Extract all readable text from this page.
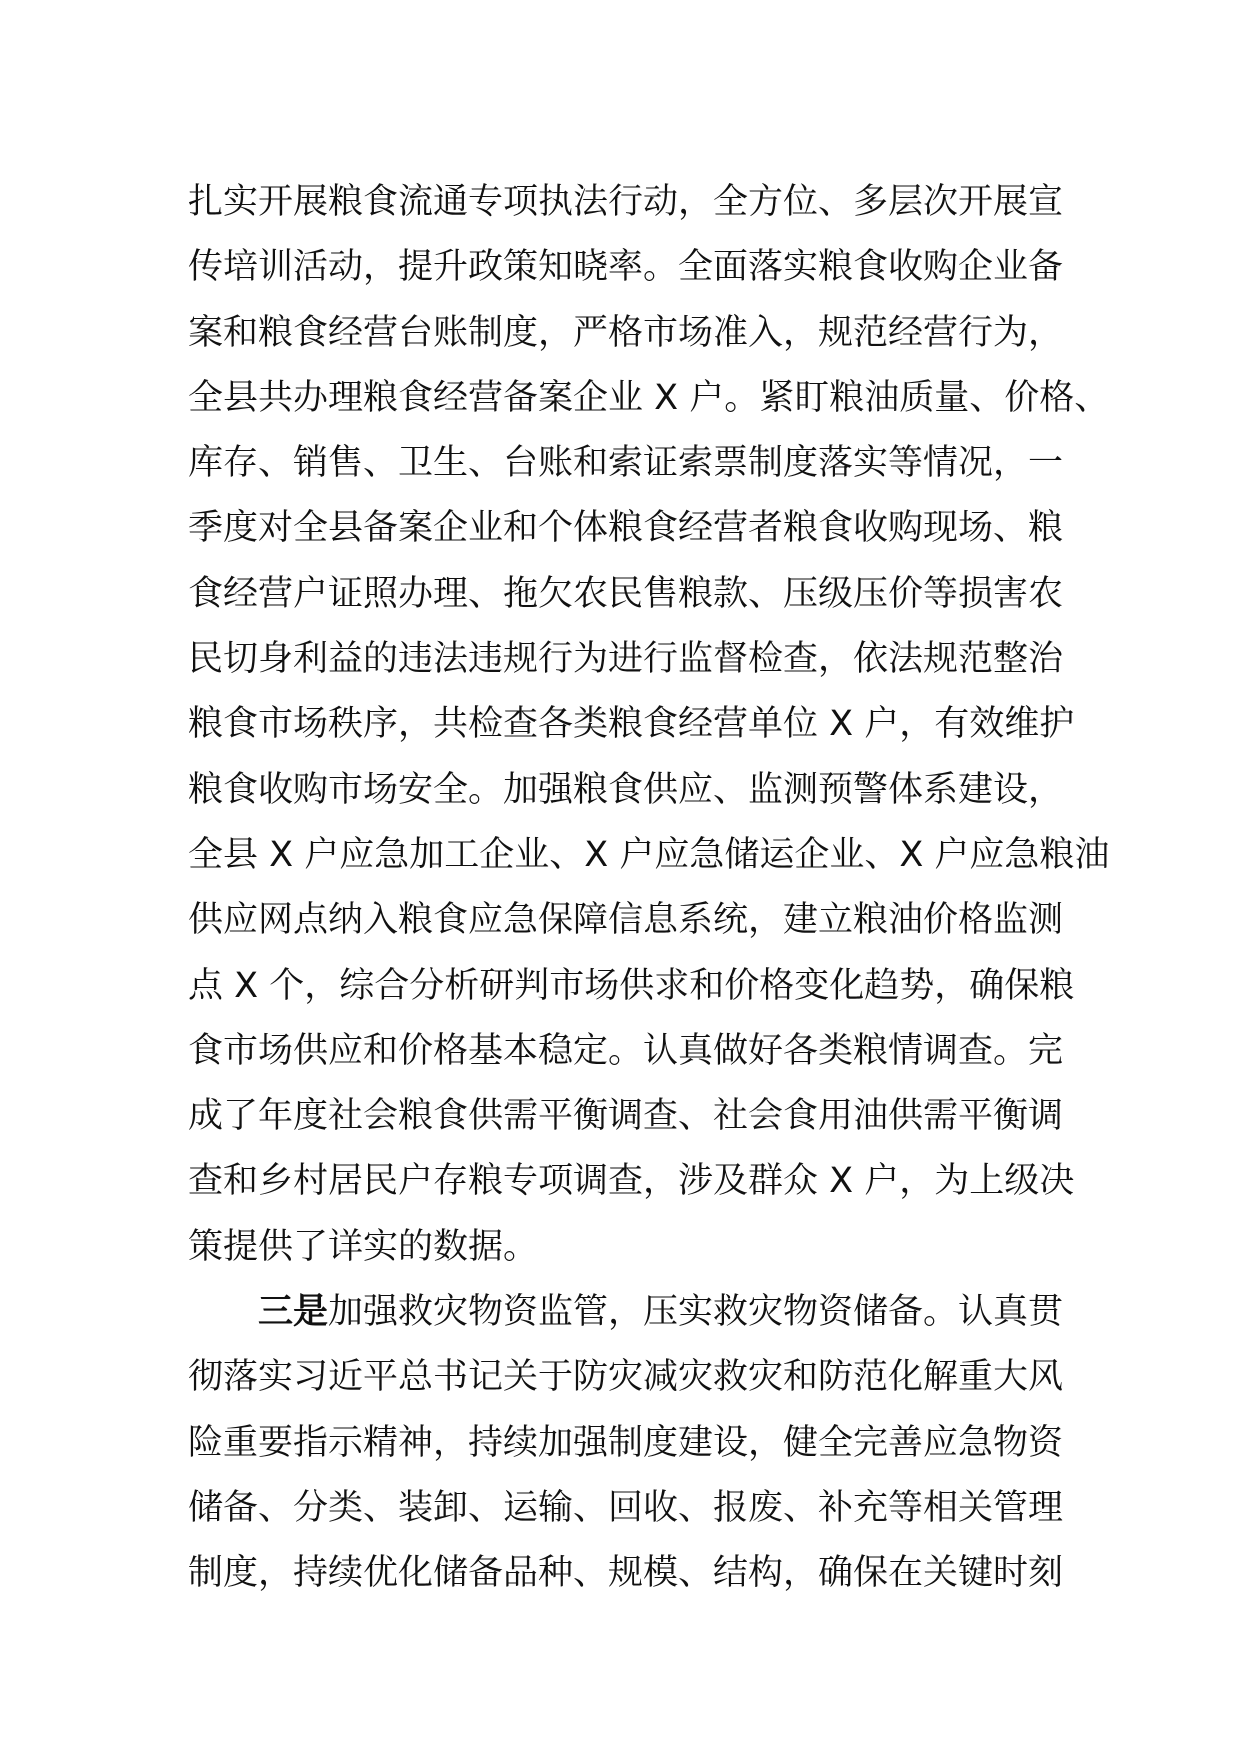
扎实开展粮食流通专项执法行动，全方位、多层次开展宣
传培训活动，提升政策知晓率。全面落实粮食收购企业备
案和粮食经营台账制度，严格市场准入，规范经营行为，
全县共办理粮食经营备案企业 X 户。紧盯粮油质量、价格、
库存、销售、卫生、台账和索证索票制度落实等情况，一
季度对全县备案企业和个体粮食经营者粮食收购现场、粮
食经营户证照办理、拖欠农民售粮款、压级压价等损害农
民切身利益的违法违规行为进行监督检查，依法规范整治
粮食市场秩序，共检查各类粮食经营单位 X 户，有效维护
粮食收购市场安全。加强粮食供应、监测预警体系建设，
全县 X 户应急加工企业、X 户应急储运企业、X 户应急粮油
供应网点纳入粮食应急保障信息系统，建立粮油价格监测
点 X 个，综合分析研判市场供求和价格变化趋势，确保粮
食市场供应和价格基本稳定。认真做好各类粮情调查。完
成了年度社会粮食供需平衡调查、社会食用油供需平衡调
查和乡村居民户存粮专项调查，涉及群众 X 户，为上级决
策提供了详实的数据。
三是加强救灾物资监管，压实救灾物资储备。认真贯
彻落实习近平总书记关于防灾减灾救灾和防范化解重大风
险重要指示精神，持续加强制度建设，健全完善应急物资
储备、分类、装卸、运输、回收、报废、补充等相关管理
制度，持续优化储备品种、规模、结构，确保在关键时刻
